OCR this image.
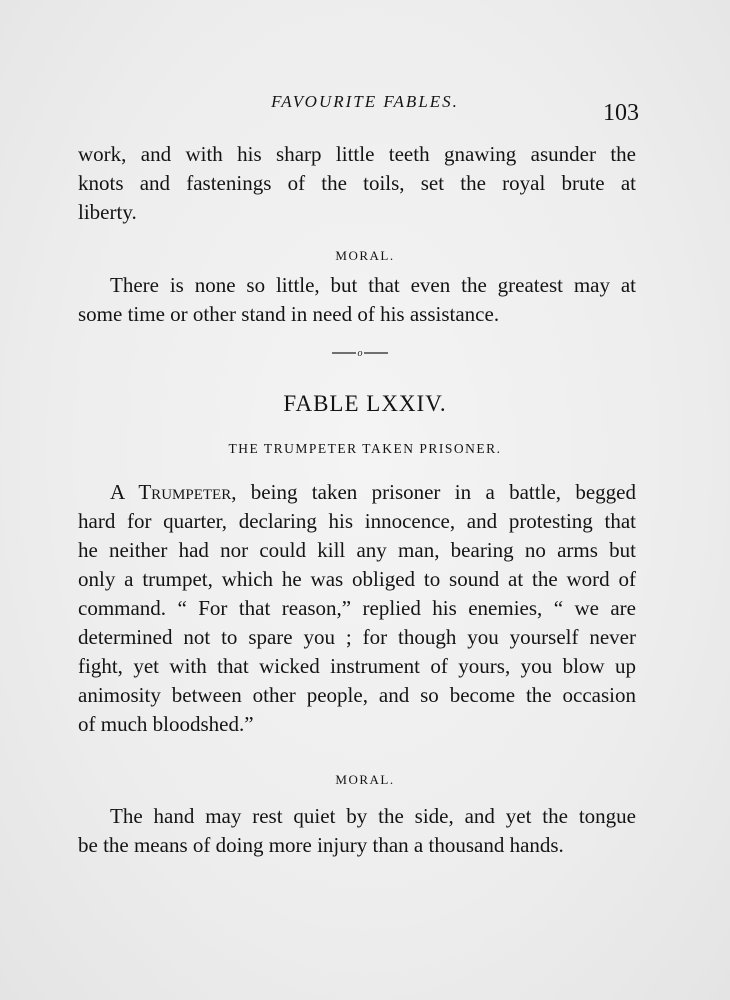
FAVOURITE FABLES.	103
work, and with his sharp little teeth gnawing asunder the
knots and fastenings of the toils, set the royal brute at
liberty.
MORAL.
There is none so little, but that even the greatest may at
some time or other stand in need of his assistance.
o
FABLE LXXIV.
THE TRUMPETER TAKEN PRISONER.
A Trumpeter, being taken prisoner in a battle, begged
hard for quarter, declaring his innocence, and protesting that
he neither had nor could kill any man, bearing no arms but
only a trumpet, which he was obliged to sound at the word of
command. “ For that reason,” replied his enemies, “ we are
determined not to spare you ; for though you yourself never
fight, yet with that wicked instrument of yours, you blow up
animosity between other people, and so become the occasion
of much bloodshed.”
MORAL.
The hand may rest quiet by the side, and yet the tongue
be the means of doing more injury than a thousand hands.
